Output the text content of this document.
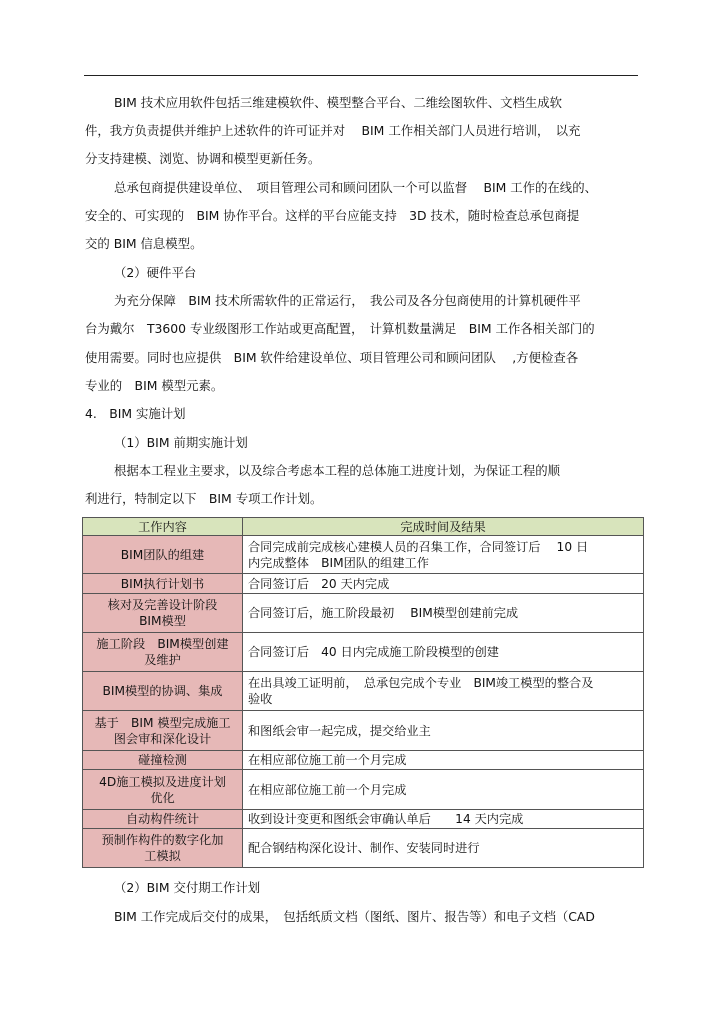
BIM 技术应用软件包括三维建模软件、模型整合平台、二维绘图软件、文档生成软
件，我方负责提供并维护上述软件的许可证并对　 BIM 工作相关部门人员进行培训，　以充
分支持建模、浏览、协调和模型更新任务。
总承包商提供建设单位、　项目管理公司和顾问团队一个可以监督　 BIM 工作的在线的、
安全的、可实现的　BIM 协作平台。这样的平台应能支持　3D 技术，随时检查总承包商提
交的 BIM 信息模型。
（2）硬件平台
为充分保障　BIM 技术所需软件的正常运行，　我公司及各分包商使用的计算机硬件平
台为戴尔　T3600 专业级图形工作站或更高配置，　计算机数量满足　BIM 工作各相关部门的
使用需要。同时也应提供　BIM 软件给建设单位、项目管理公司和顾问团队　 ,方便检查各
专业的　BIM 模型元素。
4.　BIM 实施计划
（1）BIM 前期实施计划
根据本工程业主要求，以及综合考虑本工程的总体施工进度计划，为保证工程的顺
利进行，特制定以下　BIM 专项工作计划。
工作内容	完成时间及结果
BIM团队的组建	合同完成前完成核心建模人员的召集工作，合同签订后　 10 日
内完成整体　BIM团队的组建工作
BIM执行计划书	合同签订后　20 天内完成
核对及完善设计阶段
BIM模型	合同签订后，施工阶段最初　 BIM模型创建前完成
施工阶段　BIM模型创建
及维护	合同签订后　40 日内完成施工阶段模型的创建
BIM模型的协调、集成	在出具竣工证明前，　总承包完成个专业　BIM竣工模型的整合及
验收
基于　BIM 模型完成施工
图会审和深化设计	和图纸会审一起完成，提交给业主
碰撞检测	在相应部位施工前一个月完成
4D施工模拟及进度计划
优化	在相应部位施工前一个月完成
自动构件统计	收到设计变更和图纸会审确认单后　　14 天内完成
预制作构件的数字化加
工模拟	配合钢结构深化设计、制作、安装同时进行
（2）BIM 交付期工作计划
BIM 工作完成后交付的成果，　包括纸质文档（图纸、图片、报告等）和电子文档（CAD
